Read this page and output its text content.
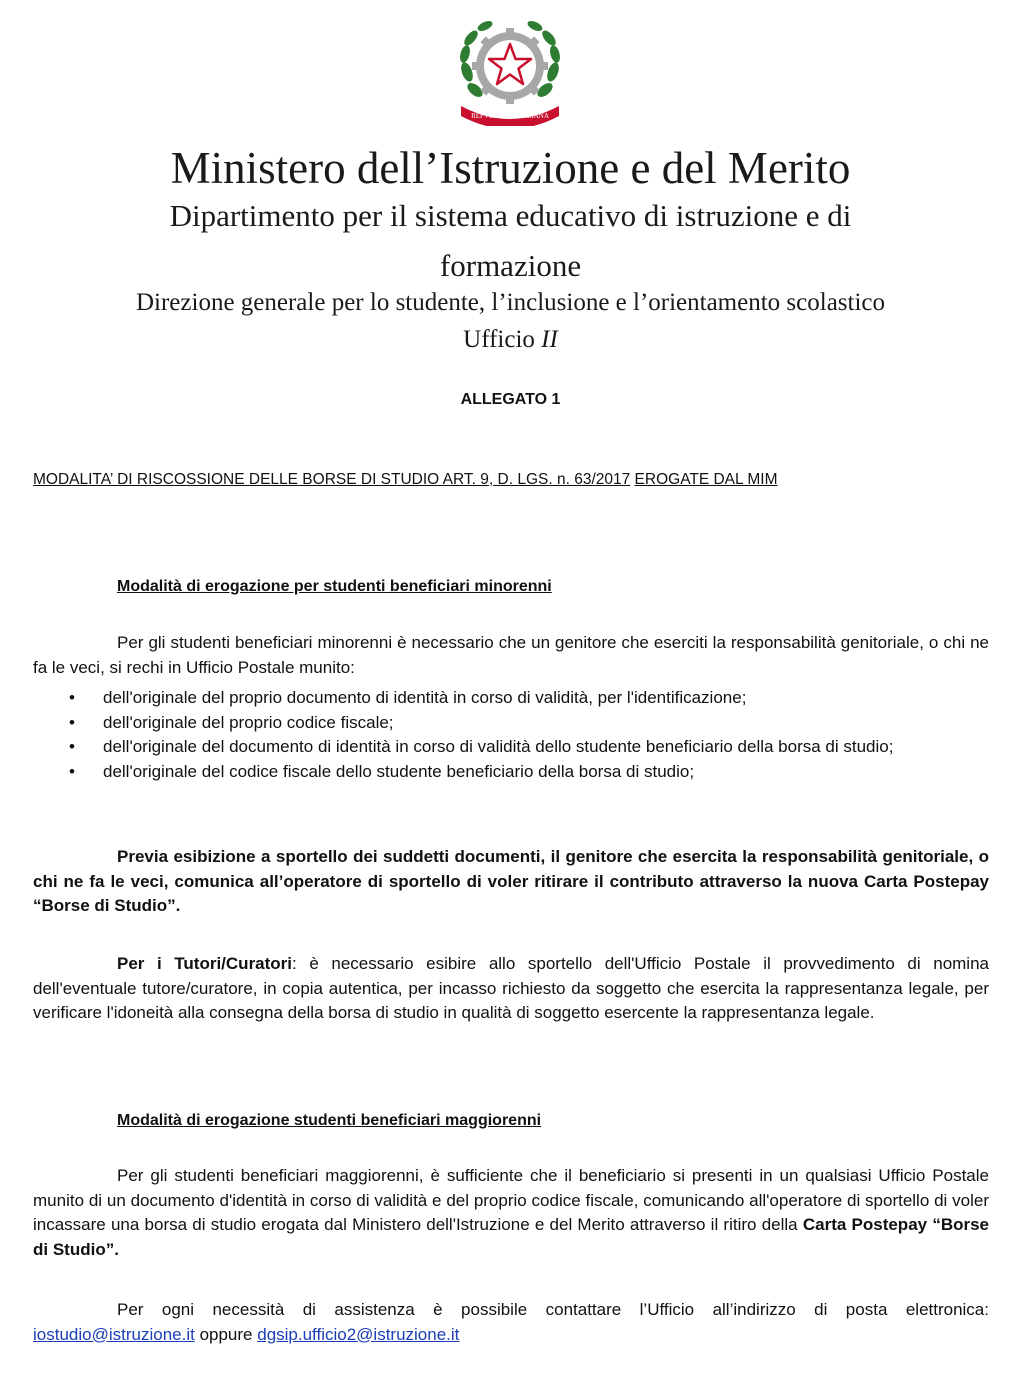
REPVBBLICA ITALIANA
Ministero dell’Istruzione e del Merito
Dipartimento per il sistema educativo di istruzione e di
formazione
Direzione generale per lo studente, l’inclusione e l’orientamento scolastico
Ufficio II
ALLEGATO 1
MODALITA’ DI RISCOSSIONE DELLE BORSE DI STUDIO ART. 9, D. LGS. n. 63/2017 EROGATE DAL MIM
Modalità di erogazione per studenti beneficiari minorenni

Per gli studenti beneficiari minorenni è necessario che un genitore che eserciti la responsabilità genitoriale, o chi ne fa le veci, si rechi in Ufficio Postale munito:

• dell'originale del proprio documento di identità in corso di validità, per l'identificazione;
• dell'originale del proprio codice fiscale;
• dell'originale del documento di identità in corso di validità dello studente beneficiario della borsa di studio;
• dell'originale del codice fiscale dello studente beneficiario della borsa di studio;

Previa esibizione a sportello dei suddetti documenti, il genitore che esercita la responsabilità genitoriale, o chi ne fa le veci, comunica all’operatore di sportello di voler ritirare il contributo attraverso la nuova Carta Postepay “Borse di Studio”.

Per i Tutori/Curatori: è necessario esibire allo sportello dell'Ufficio Postale il provvedimento di nomina dell'eventuale tutore/curatore, in copia autentica, per incasso richiesto da soggetto che esercita la rappresentanza legale, per verificare l'idoneità alla consegna della borsa di studio in qualità di soggetto esercente la rappresentanza legale.

Modalità di erogazione studenti beneficiari maggiorenni

Per gli studenti beneficiari maggiorenni, è sufficiente che il beneficiario si presenti in un qualsiasi Ufficio Postale munito di un documento d'identità in corso di validità e del proprio codice fiscale, comunicando all'operatore di sportello di voler incassare una borsa di studio erogata dal Ministero dell'Istruzione e del Merito attraverso il ritiro della Carta Postepay “Borse di Studio”.

Per ogni necessità di assistenza è possibile contattare l’Ufficio all’indirizzo di posta elettronica: iostudio@istruzione.it oppure dgsip.ufficio2@istruzione.it
